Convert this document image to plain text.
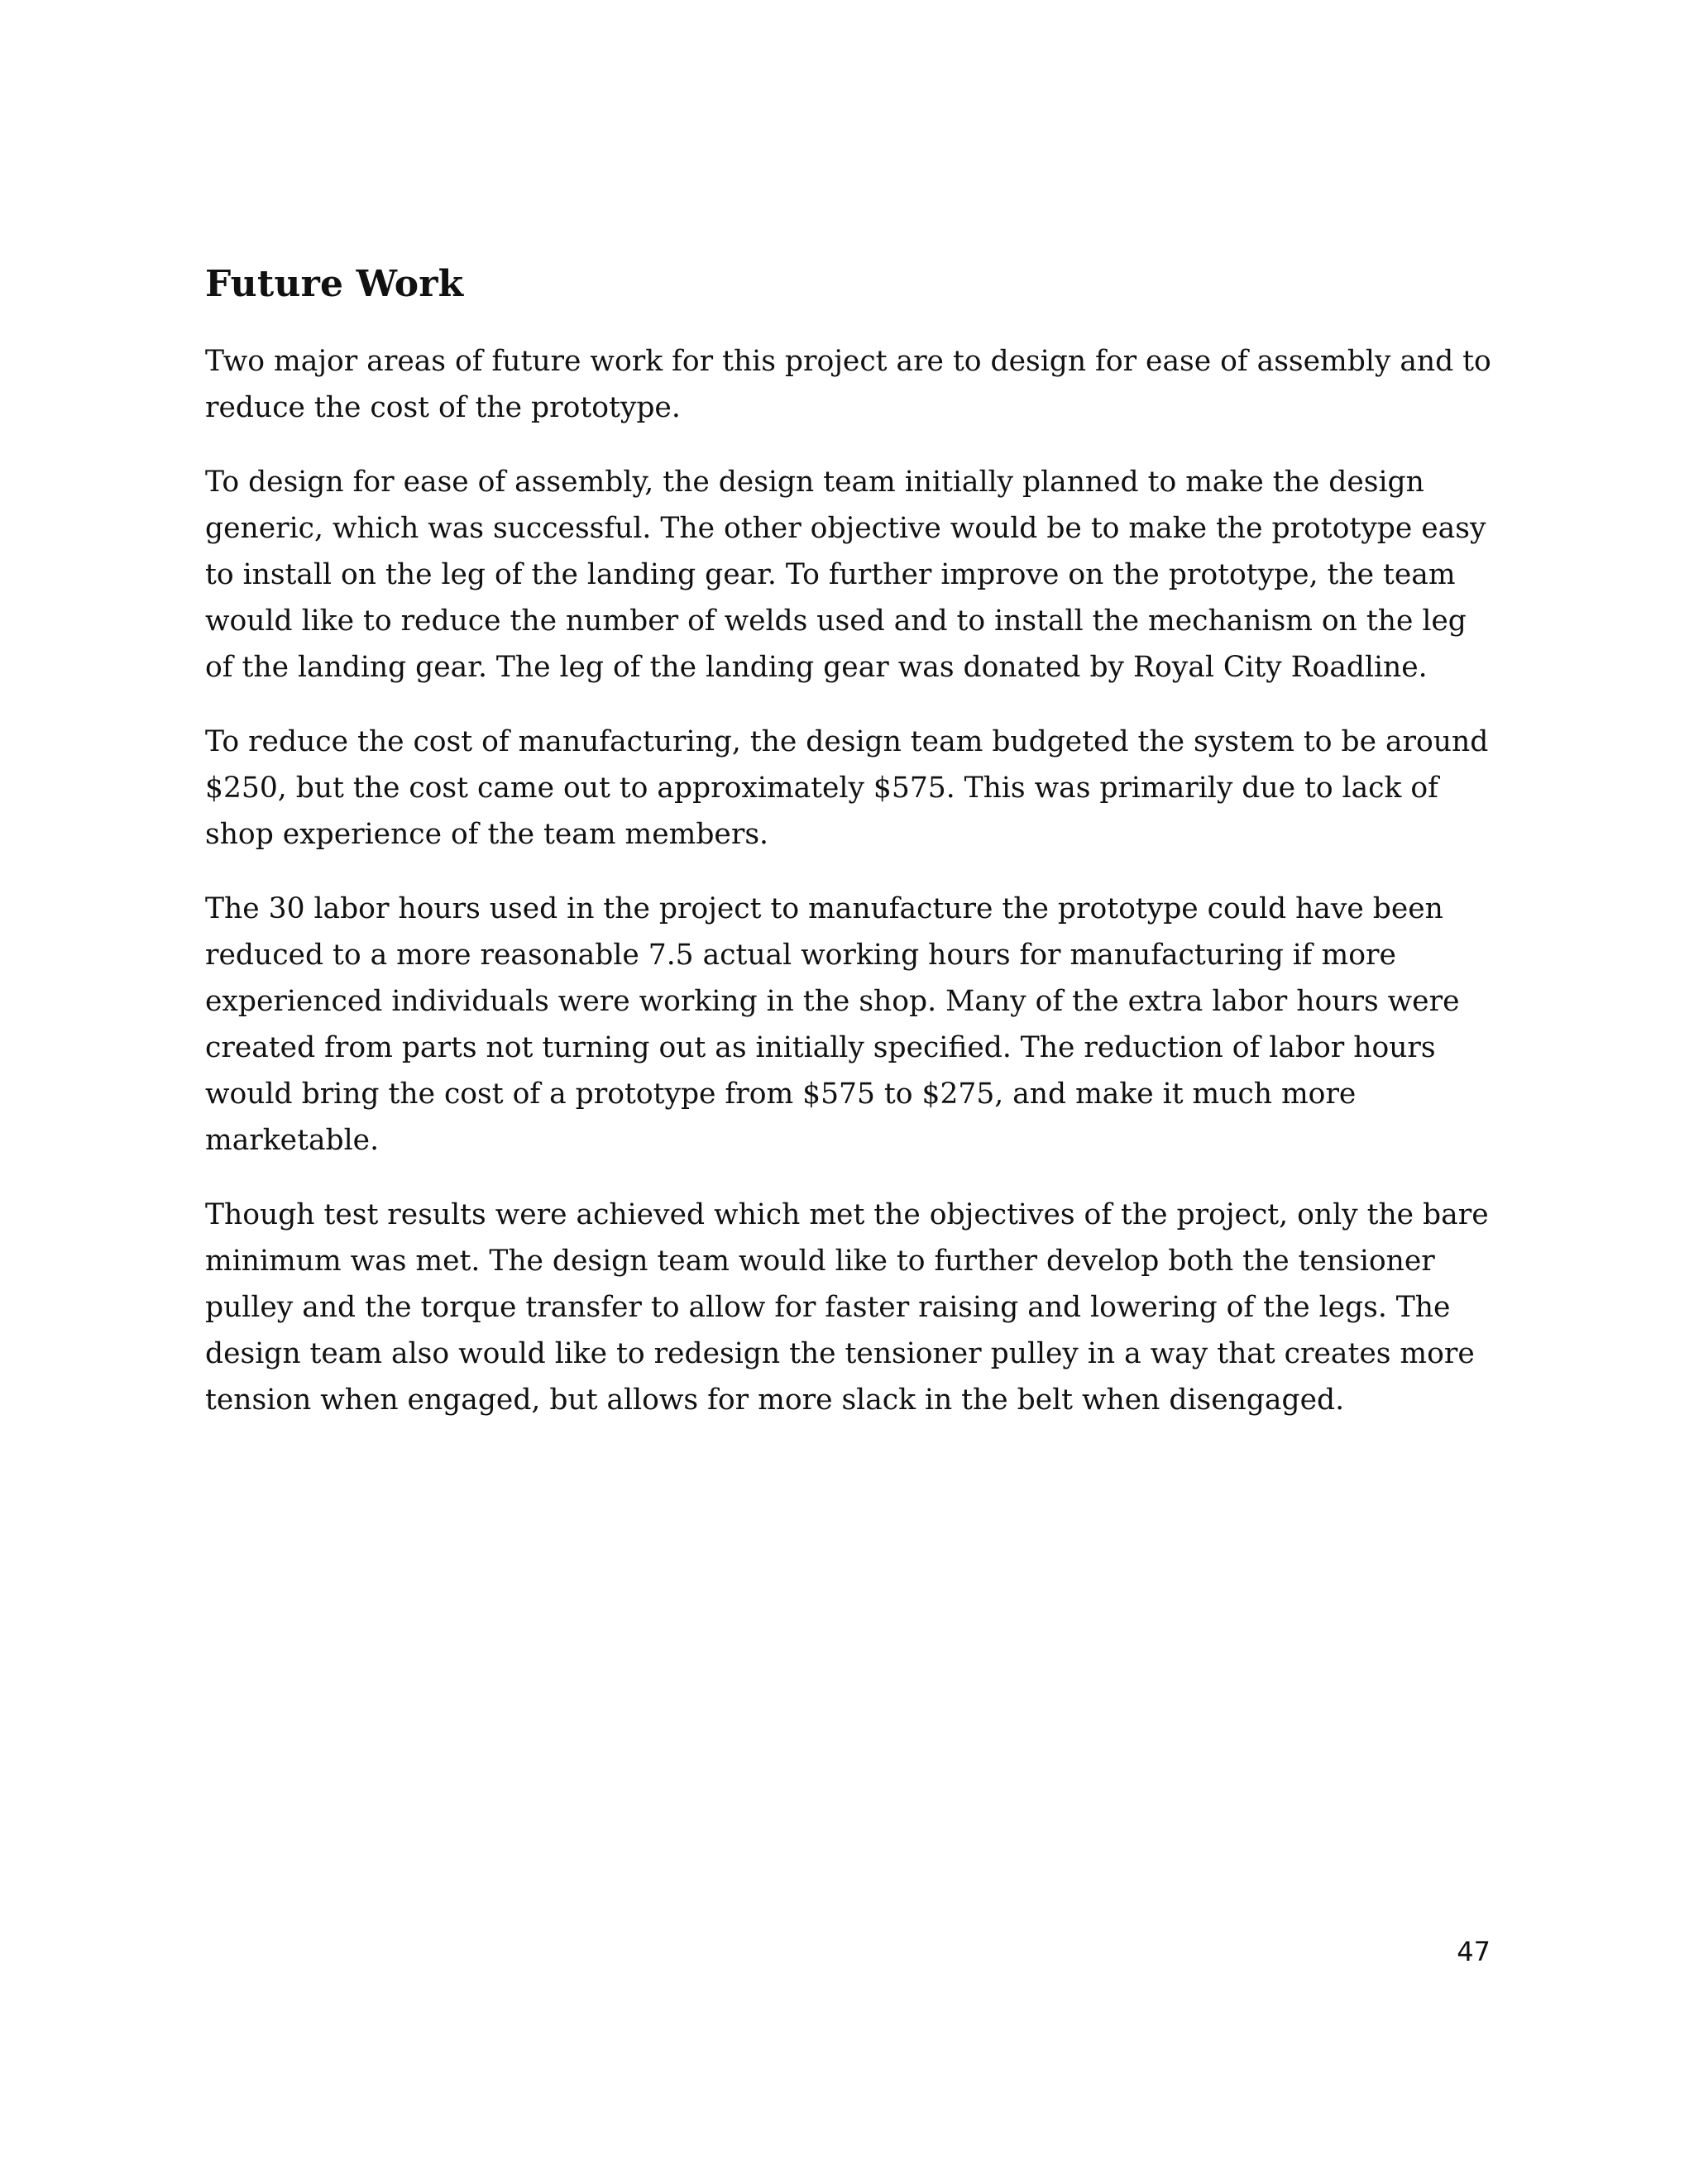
Future Work

Two major areas of future work for this project are to design for ease of assembly and to reduce the cost of the prototype.

To design for ease of assembly, the design team initially planned to make the design generic, which was successful. The other objective would be to make the prototype easy to install on the leg of the landing gear. To further improve on the prototype, the team would like to reduce the number of welds used and to install the mechanism on the leg of the landing gear. The leg of the landing gear was donated by Royal City Roadline.

To reduce the cost of manufacturing, the design team budgeted the system to be around $250, but the cost came out to approximately $575. This was primarily due to lack of shop experience of the team members.

The 30 labor hours used in the project to manufacture the prototype could have been reduced to a more reasonable 7.5 actual working hours for manufacturing if more experienced individuals were working in the shop. Many of the extra labor hours were created from parts not turning out as initially specified. The reduction of labor hours would bring the cost of a prototype from $575 to $275, and make it much more marketable.

Though test results were achieved which met the objectives of the project, only the bare minimum was met. The design team would like to further develop both the tensioner pulley and the torque transfer to allow for faster raising and lowering of the legs. The design team also would like to redesign the tensioner pulley in a way that creates more tension when engaged, but allows for more slack in the belt when disengaged.

47
